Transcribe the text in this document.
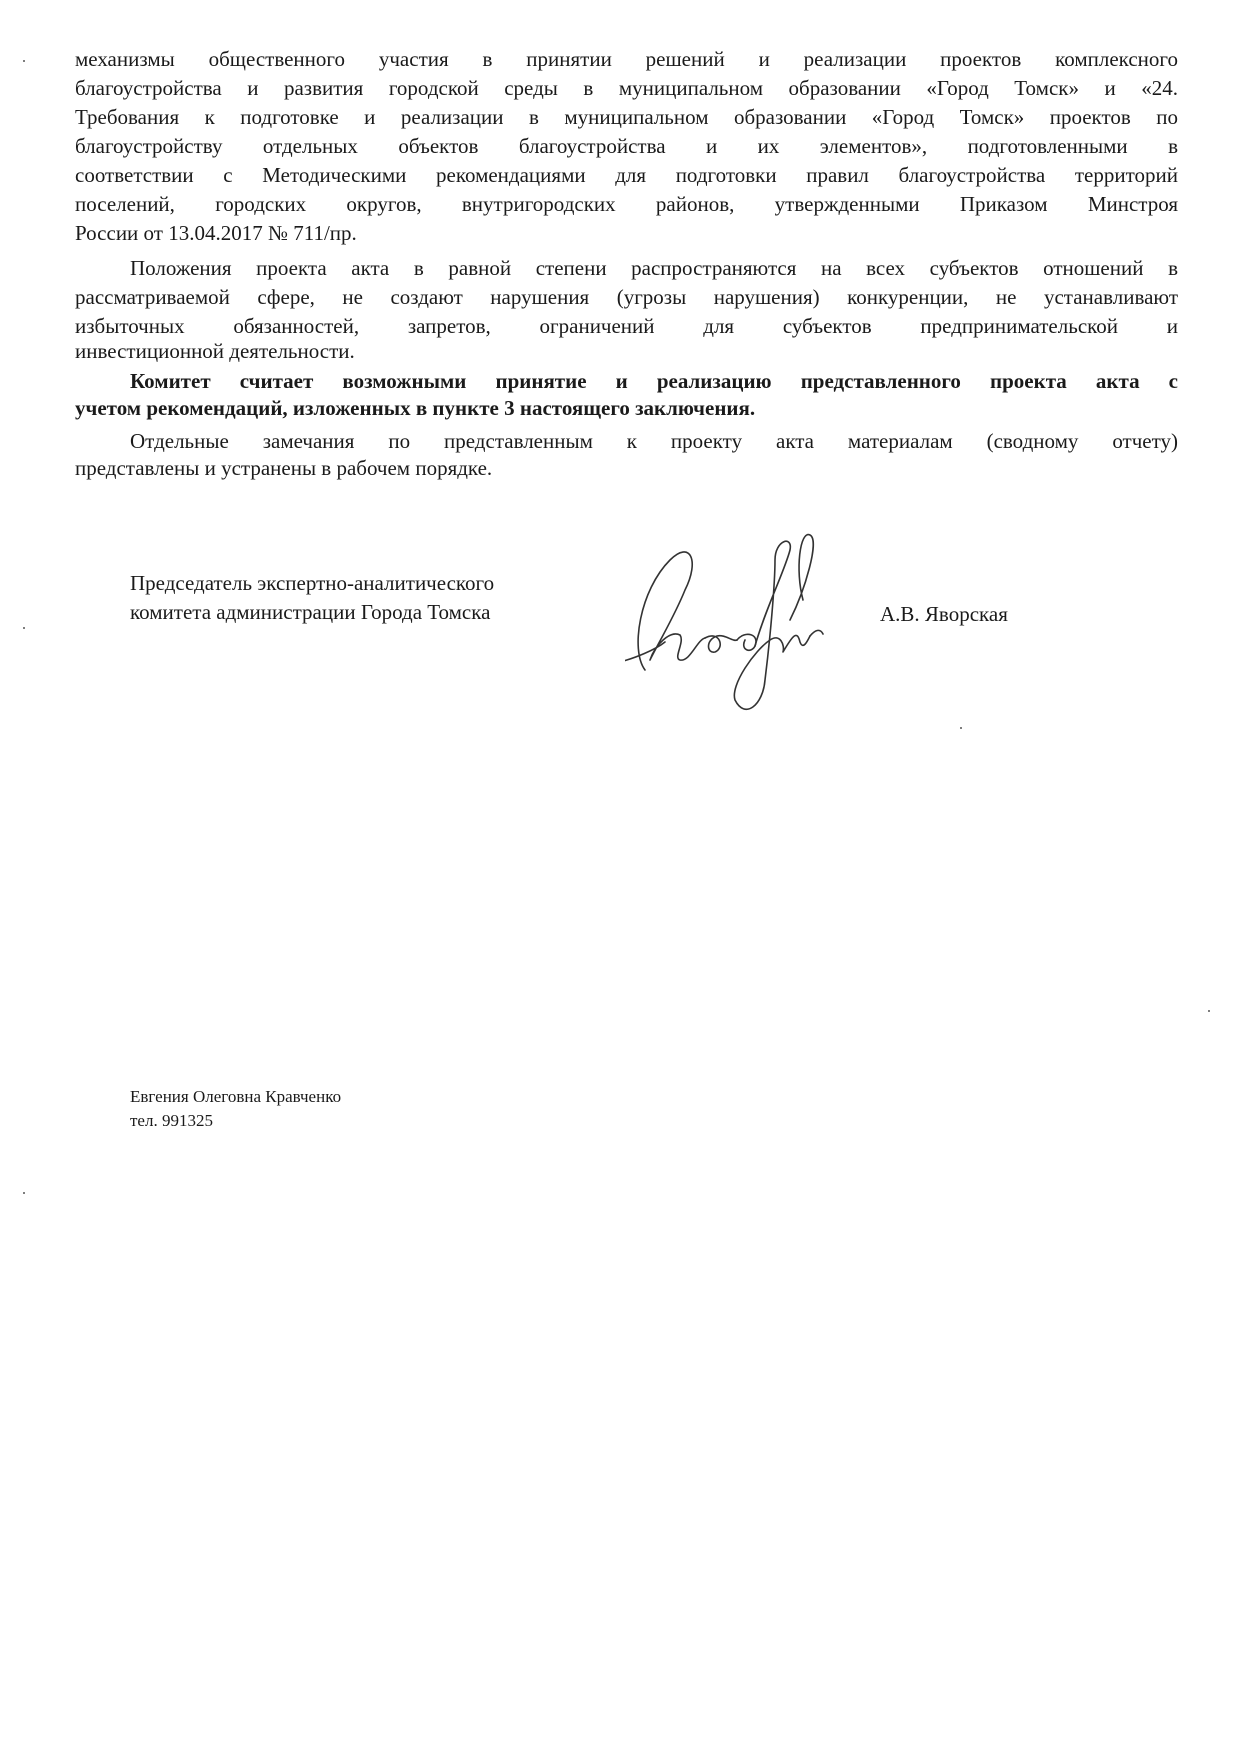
механизмы общественного участия в принятии решений и реализации проектов комплексного
благоустройства и развития городской среды в муниципальном образовании «Город Томск» и «24.
Требования к подготовке и реализации в муниципальном образовании «Город Томск» проектов по
благоустройству отдельных объектов благоустройства и их элементов», подготовленными в
соответствии с Методическими рекомендациями для подготовки правил благоустройства территорий
поселений, городских округов, внутригородских районов, утвержденными Приказом Минстроя
России от 13.04.2017 № 711/пр.
Положения проекта акта в равной степени распространяются на всех субъектов отношений в
рассматриваемой сфере, не создают нарушения (угрозы нарушения) конкуренции, не устанавливают
избыточных обязанностей, запретов, ограничений для субъектов предпринимательской и
инвестиционной деятельности.
Комитет считает возможными принятие и реализацию представленного проекта акта с
учетом рекомендаций, изложенных в пункте 3 настоящего заключения.
Отдельные замечания по представленным к проекту акта материалам (сводному отчету)
представлены и устранены в рабочем порядке.
Председатель экспертно-аналитического
комитета администрации Города Томска	А.В. Яворская
Евгения Олеговна Кравченко
тел. 991325
